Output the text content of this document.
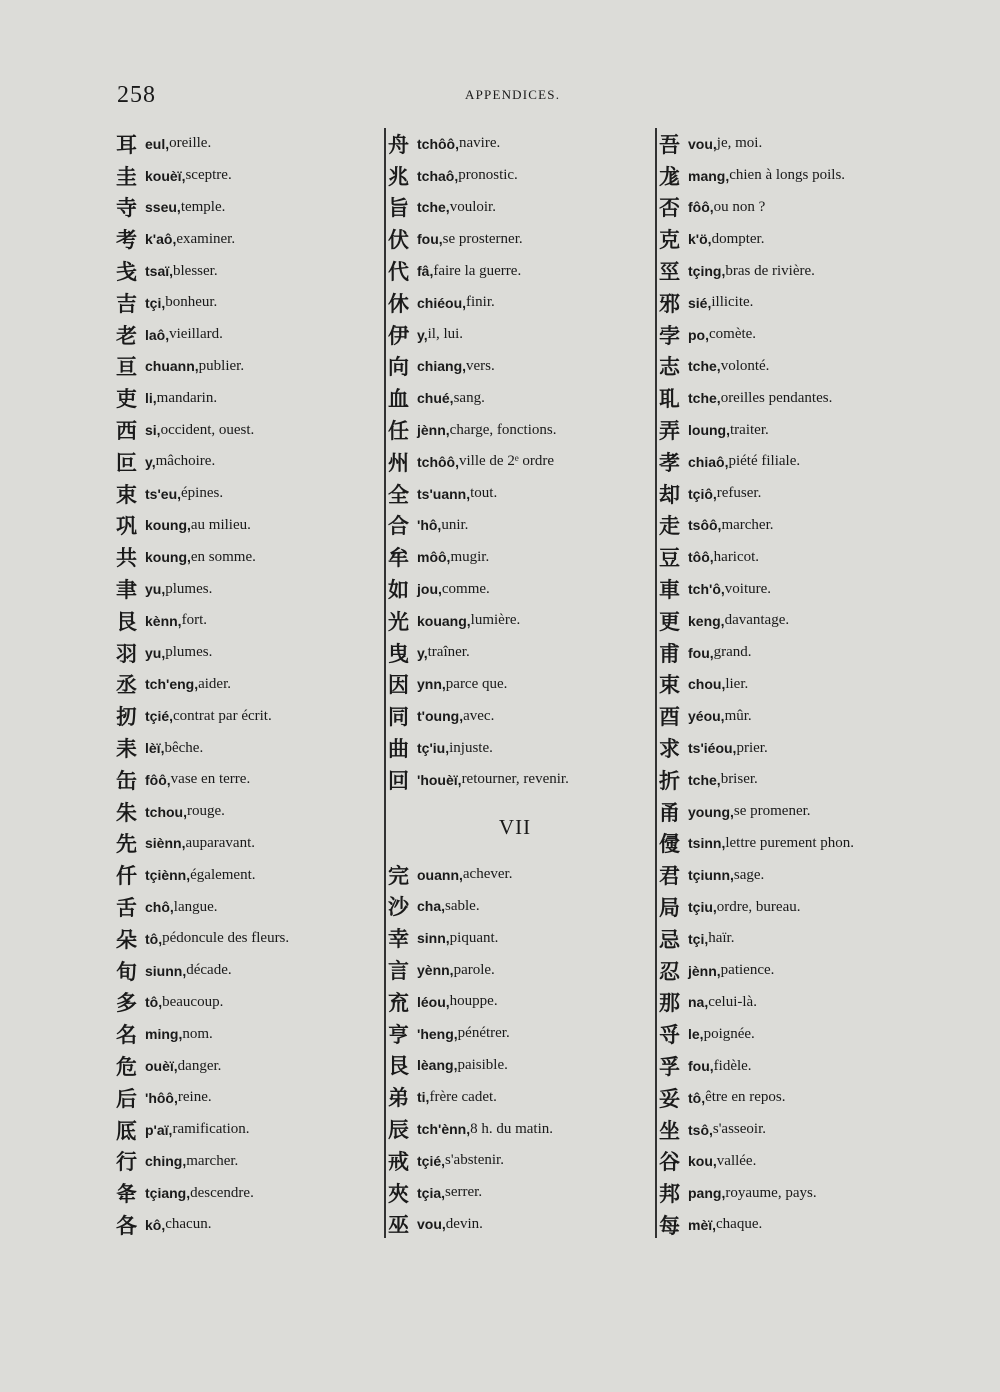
258	APPENDICES.
耳 eul, oreille.
圭 kouèï, sceptre.
寺 sseu, temple.
考 k'aô, examiner.
戋 tsaï, blesser.
吉 tçi, bonheur.
老 laô, vieillard.
亘 chuann, publier.
吏 li, mandarin.
西 si, occident, ouest.
叵 y, mâchoire.
束 ts'eu, épines.
巩 koung, au milieu.
共 koung, en somme.
聿 yu, plumes.
艮 kènn, fort.
羽 yu, plumes.
丞 tch'eng, aider.
扨 tçié, contrat par écrit.
耒 lèï, bêche.
缶 fôô, vase en terre.
朱 tchou, rouge.
先 siènn, auparavant.
仟 tçiènn, également.
舌 chô, langue.
朵 tô, pédoncule des fleurs.
旬 siunn, décade.
多 tô, beaucoup.
名 ming, nom.
危 ouèï, danger.
后 'hôô, reine.
厎 p'aï, ramification.
行 ching, marcher.
夅 tçiang, descendre.
各 kô, chacun.
舟 tchôô, navire.
兆 tchaô, pronostic.
旨 tche, vouloir.
伏 fou, se prosterner.
代 fâ, faire la guerre.
休 chiéou, finir.
伊 y, il, lui.
向 chiang, vers.
血 chué, sang.
任 jènn, charge, fonctions.
州 tchôô, ville de 2ᵉ ordre
全 ts'uann, tout.
合 'hô, unir.
牟 môô, mugir.
如 jou, comme.
光 kouang, lumière.
曳 y, traîner.
因 ynn, parce que.
同 t'oung, avec.
曲 tç'iu, injuste.
回 'houèï, retourner, revenir.
VII
完 ouann, achever.
沙 cha, sable.
幸 sinn, piquant.
言 yènn, parole.
㐬 léou, houppe.
亨 'heng, pénétrer.
艮 lèang, paisible.
弟 ti, frère cadet.
辰 tch'ènn, 8 h. du matin.
戒 tçié, s'abstenir.
夾 tçia, serrer.
巫 vou, devin.
吾 vou, je, moi.
尨 mang, chien à longs poils.
否 fôô, ou non ?
克 k'ö, dompter.
巠 tçing, bras de rivière.
邪 sié, illicite.
孛 po, comète.
志 tche, volonté.
耴 tche, oreilles pendantes.
弄 loung, traiter.
孝 chiaô, piété filiale.
却 tçiô, refuser.
走 tsôô, marcher.
豆 tôô, haricot.
車 tch'ô, voiture.
更 keng, davantage.
甫 fou, grand.
束 chou, lier.
酉 yéou, mûr.
求 ts'iéou, prier.
折 tche, briser.
甬 young, se promener.
㑴 tsinn, lettre purement phon.
君 tçiunn, sage.
局 tçiu, ordre, bureau.
忌 tçi, haïr.
忍 jènn, patience.
那 na, celui-là.
寽 le, poignée.
孚 fou, fidèle.
妥 tô, être en repos.
坐 tsô, s'asseoir.
谷 kou, vallée.
邦 pang, royaume, pays.
每 mèï, chaque.
